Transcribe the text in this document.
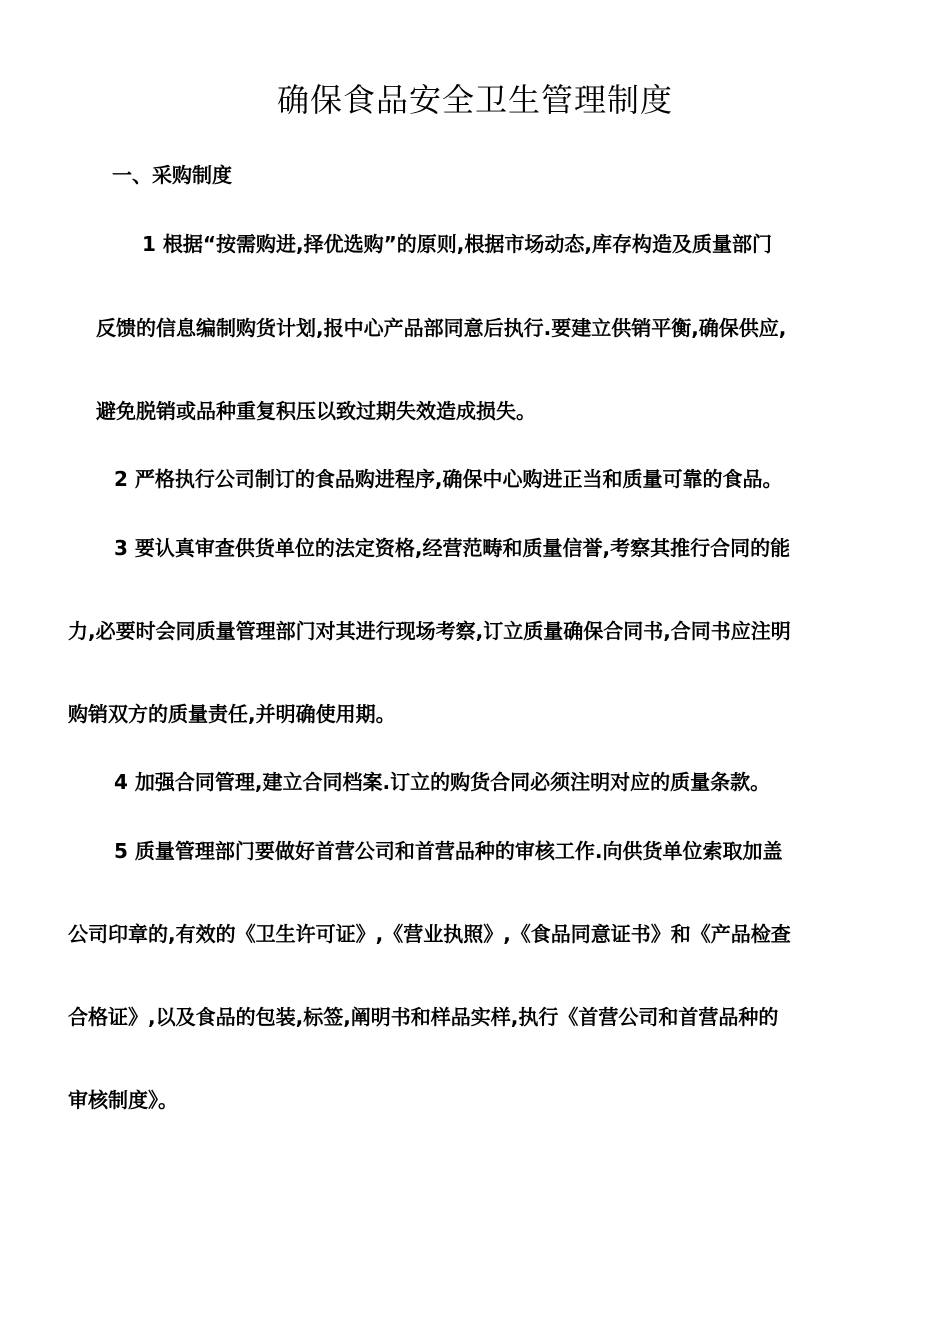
确保食品安全卫生管理制度
一、采购制度
1 根据“按需购进,择优选购”的原则,根据市场动态,库存构造及质量部门
反馈的信息编制购货计划,报中心产品部同意后执行.要建立供销平衡,确保供应,
避免脱销或品种重复积压以致过期失效造成损失。
2 严格执行公司制订的食品购进程序,确保中心购进正当和质量可靠的食品。
3 要认真审查供货单位的法定资格,经营范畴和质量信誉,考察其推行合同的能
力,必要时会同质量管理部门对其进行现场考察,订立质量确保合同书,合同书应注明
购销双方的质量责任,并明确使用期。
4 加强合同管理,建立合同档案.订立的购货合同必须注明对应的质量条款。
5 质量管理部门要做好首营公司和首营品种的审核工作.向供货单位索取加盖
公司印章的,有效的《卫生许可证》,《营业执照》,《食品同意证书》和《产品检查
合格证》,以及食品的包装,标签,阐明书和样品实样,执行《首营公司和首营品种的
审核制度》。
